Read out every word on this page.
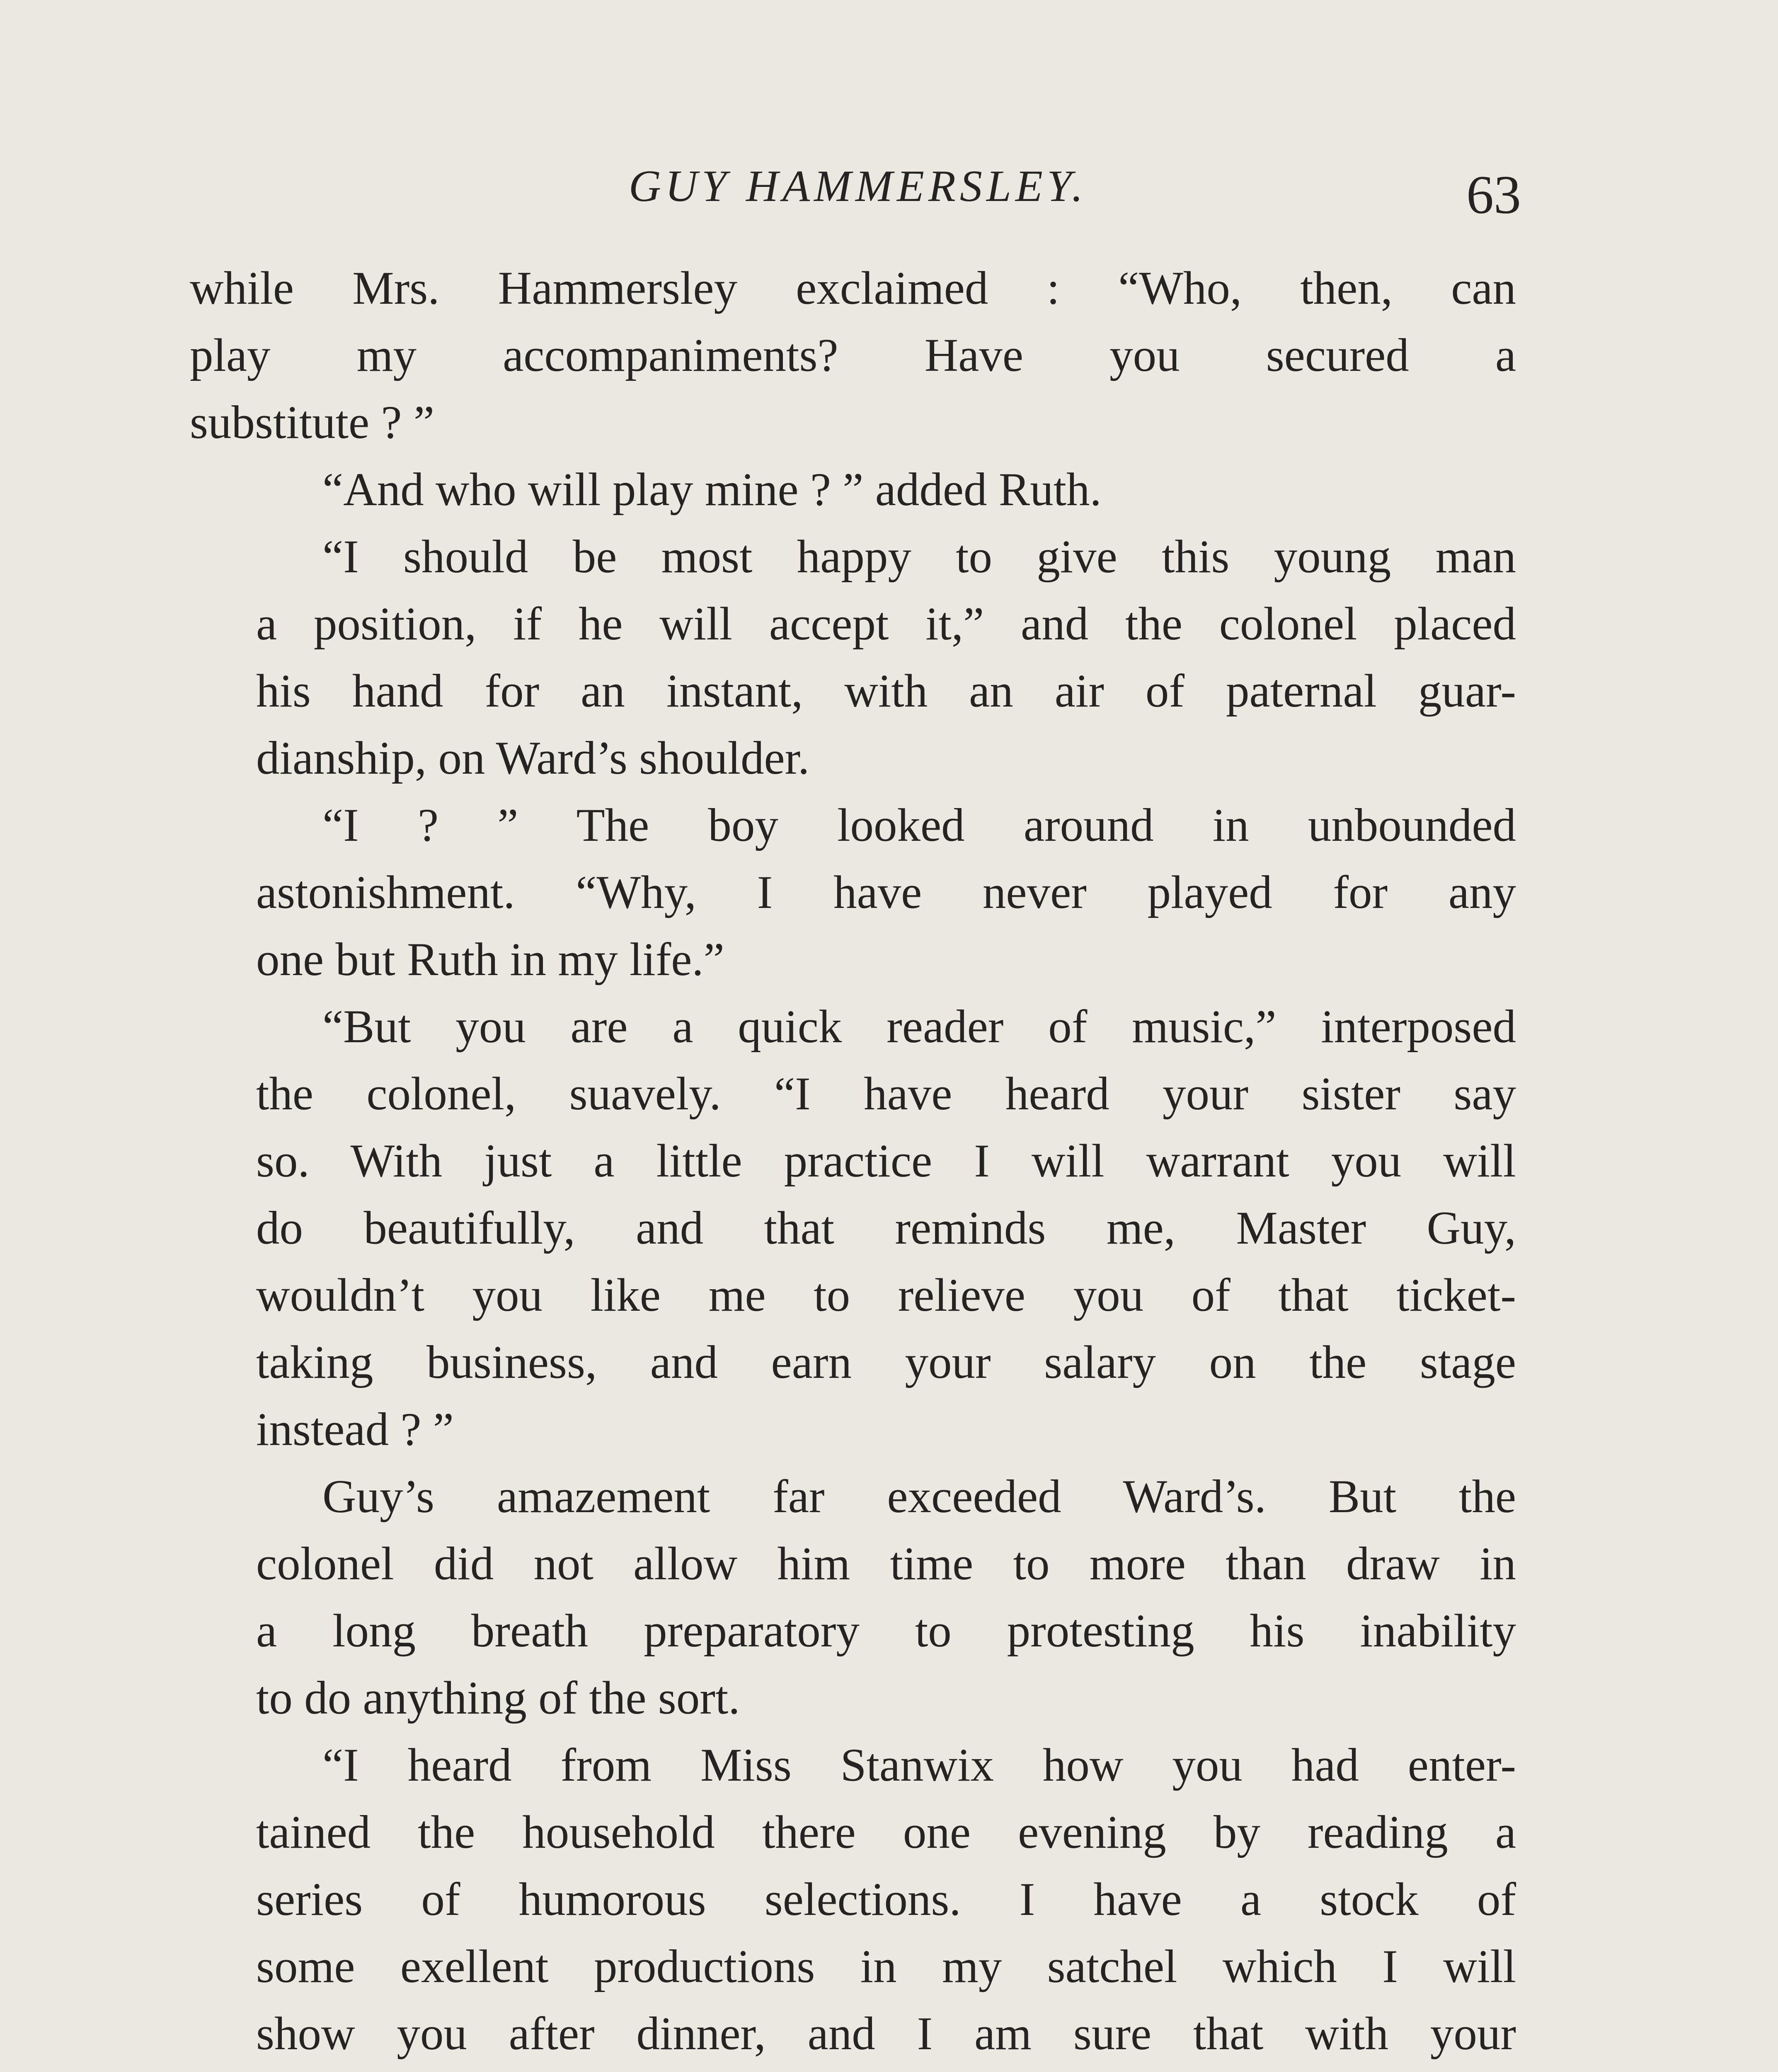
GUY HAMMERSLEY.	63
while Mrs. Hammersley exclaimed : “Who, then, can
play my accompaniments? Have you secured a
substitute ? ”
“And who will play mine ? ” added Ruth.
“I should be most happy to give this young man
a position, if he will accept it,” and the colonel placed
his hand for an instant, with an air of paternal guar-
dianship, on Ward’s shoulder.
“I ? ” The boy looked around in unbounded
astonishment. “Why, I have never played for any
one but Ruth in my life.”
“But you are a quick reader of music,” interposed
the colonel, suavely. “I have heard your sister say
so. With just a little practice I will warrant you will
do beautifully, and that reminds me, Master Guy,
wouldn’t you like me to relieve you of that ticket-
taking business, and earn your salary on the stage
instead ? ”
Guy’s amazement far exceeded Ward’s. But the
colonel did not allow him time to more than draw in
a long breath preparatory to protesting his inability
to do anything of the sort.
“I heard from Miss Stanwix how you had enter-
tained the household there one evening by reading a
series of humorous selections. I have a stock of
some exellent productions in my satchel which I will
show you after dinner, and I am sure that with your
